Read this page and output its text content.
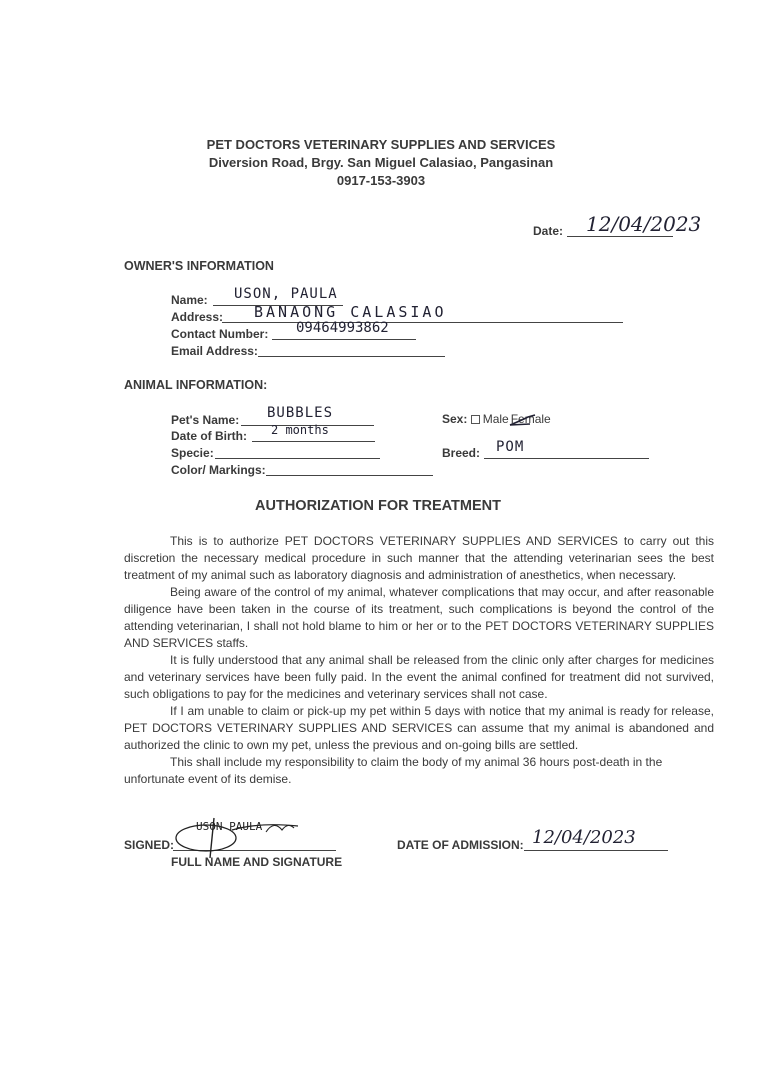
PET DOCTORS VETERINARY SUPPLIES AND SERVICES
Diversion Road, Brgy. San Miguel Calasiao, Pangasinan
0917-153-3903
Date: 12/04/2023
OWNER'S INFORMATION
Name: USON, PAULA
Address: BANAONG CALASIAO
Contact Number: 09464993862
Email Address:
ANIMAL INFORMATION:
Pet's Name: BUBBLES
Date of Birth: 2 months
Specie:
Color/ Markings:
Sex: Male Female
Breed: POM
AUTHORIZATION FOR TREATMENT

This is to authorize PET DOCTORS VETERINARY SUPPLIES AND SERVICES to carry out this discretion the necessary medical procedure in such manner that the attending veterinarian sees the best treatment of my animal such as laboratory diagnosis and administration of anesthetics, when necessary.

Being aware of the control of my animal, whatever complications that may occur, and after reasonable diligence have been taken in the course of its treatment, such complications is beyond the control of the attending veterinarian, I shall not hold blame to him or her or to the PET DOCTORS VETERINARY SUPPLIES AND SERVICES staffs.

It is fully understood that any animal shall be released from the clinic only after charges for medicines and veterinary services have been fully paid. In the event the animal confined for treatment did not survived, such obligations to pay for the medicines and veterinary services shall not case.

If I am unable to claim or pick-up my pet within 5 days with notice that my animal is ready for release, PET DOCTORS VETERINARY SUPPLIES AND SERVICES can assume that my animal is abandoned and authorized the clinic to own my pet, unless the previous and on-going bills are settled.

This shall include my responsibility to claim the body of my animal 36 hours post-death in the unfortunate event of its demise.

SIGNED:
USON PAULA
FULL NAME AND SIGNATURE
DATE OF ADMISSION: 12/04/2023
